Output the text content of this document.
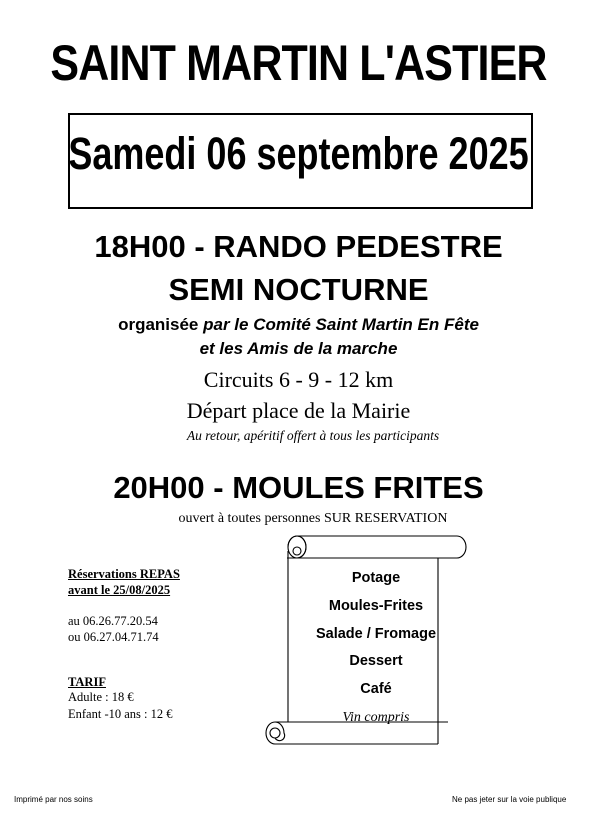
SAINT MARTIN L'ASTIER
Samedi 06 septembre 2025
18H00 - RANDO PEDESTRE
SEMI NOCTURNE
organisée par le Comité Saint Martin En Fête
et les Amis de la marche
Circuits 6 - 9 - 12 km
Départ place de la Mairie
Au retour, apéritif offert à tous les participants
20H00 - MOULES FRITES
ouvert à toutes personnes SUR RESERVATION
Réservations REPAS
avant le 25/08/2025
au 06.26.77.20.54
ou 06.27.04.71.74
TARIF
Adulte : 18 €
Enfant -10 ans : 12 €
Potage
Moules-Frites
Salade / Fromage
Dessert
Café
Vin compris
Imprimé par nos soins	Ne pas jeter sur la voie publique
